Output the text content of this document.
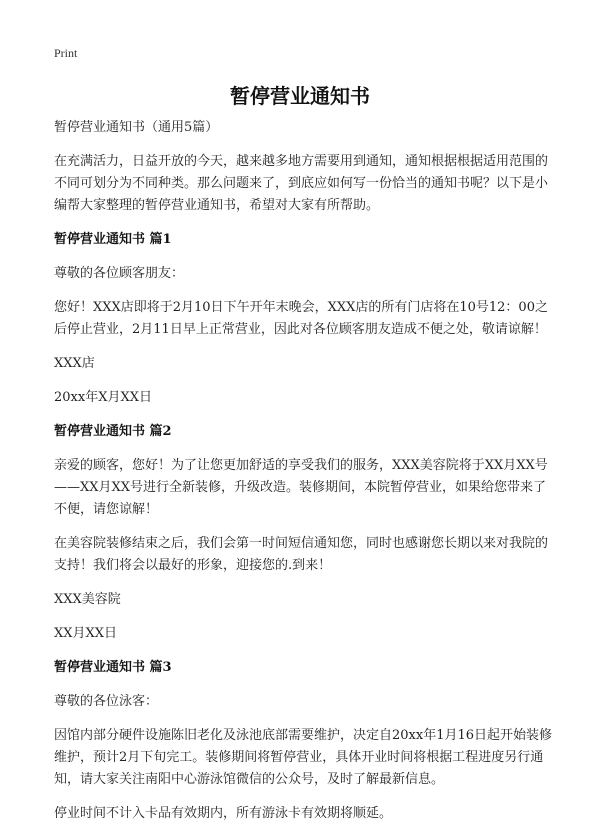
Print
暂停营业通知书

暂停营业通知书（通用5篇）

在充满活力，日益开放的今天，越来越多地方需要用到通知，通知根据根据适用范围的不同可划分为不同种类。那么问题来了，到底应如何写一份恰当的通知书呢？以下是小编帮大家整理的暂停营业通知书，希望对大家有所帮助。

暂停营业通知书 篇1

尊敬的各位顾客朋友：

您好！XXX店即将于2月10日下午开年末晚会，XXX店的所有门店将在10号12：00之后停止营业，2月11日早上正常营业，因此对各位顾客朋友造成不便之处，敬请谅解！

XXX店

20xx年X月XX日

暂停营业通知书 篇2

亲爱的顾客，您好！为了让您更加舒适的享受我们的服务，XXX美容院将于XX月XX号——XX月XX号进行全新装修，升级改造。装修期间，本院暂停营业，如果给您带来了不便，请您谅解！

在美容院装修结束之后，我们会第一时间短信通知您，同时也感谢您长期以来对我院的支持！我们将会以最好的形象，迎接您的.到来！

XXX美容院

XX月XX日

暂停营业通知书 篇3

尊敬的各位泳客：

因馆内部分硬件设施陈旧老化及泳池底部需要维护，决定自20xx年1月16日起开始装修维护，预计2月下旬完工。装修期间将暂停营业，具体开业时间将根据工程进度另行通知，请大家关注南阳中心游泳馆微信的公众号，及时了解最新信息。

停业时间不计入卡品有效期内，所有游泳卡有效期将顺延。
